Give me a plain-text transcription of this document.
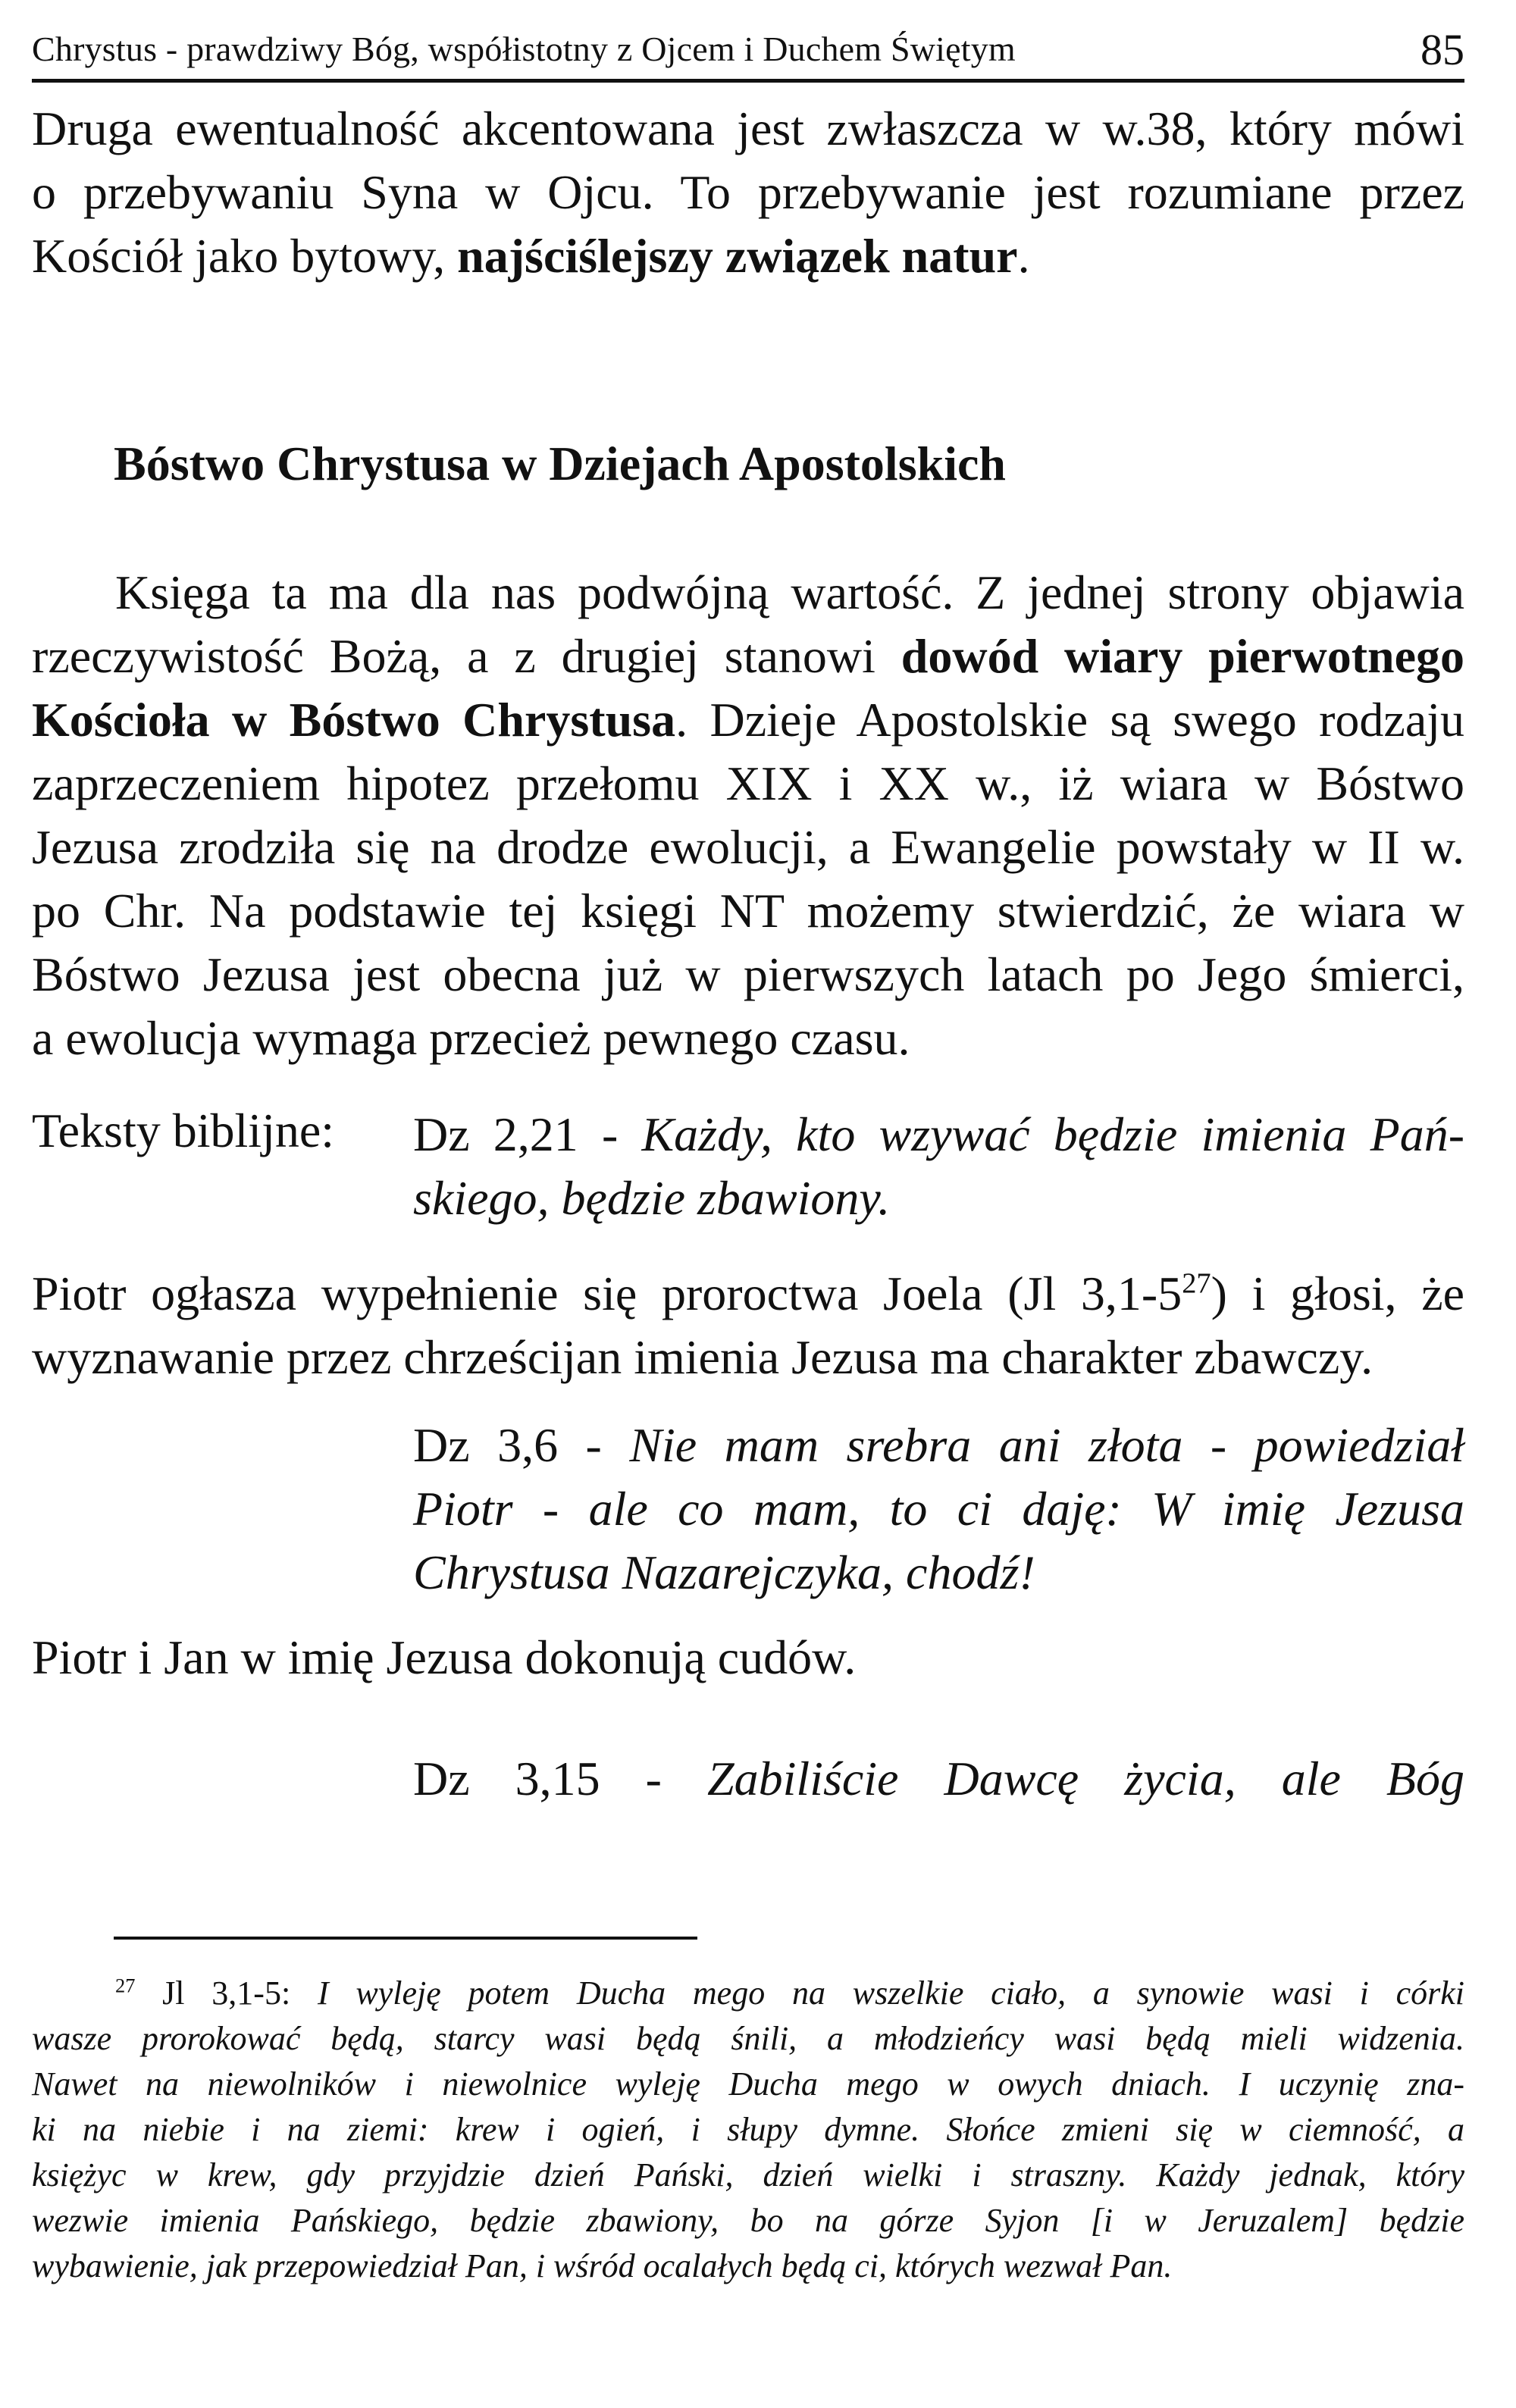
Chrystus - prawdziwy Bóg, współistotny z Ojcem i Duchem Świętym	85
Druga ewentualność akcentowana jest zwłaszcza w w.38, który mówi
o przebywaniu Syna w Ojcu. To przebywanie jest rozumiane przez
Kościół jako bytowy, najściślejszy związek natur.
Bóstwo Chrystusa w Dziejach Apostolskich
Księga ta ma dla nas podwójną wartość. Z jednej strony objawia
rzeczywistość Bożą, a z drugiej stanowi dowód wiary pierwotnego
Kościoła w Bóstwo Chrystusa. Dzieje Apostolskie są swego rodzaju
zaprzeczeniem hipotez przełomu XIX i XX w., iż wiara w Bóstwo
Jezusa zrodziła się na drodze ewolucji, a Ewangelie powstały w II w.
po Chr. Na podstawie tej księgi NT możemy stwierdzić, że wiara w
Bóstwo Jezusa jest obecna już w pierwszych latach po Jego śmierci,
a ewolucja wymaga przecież pewnego czasu.
Teksty biblijne: Dz 2,21 - Każdy, kto wzywać będzie imienia Pań-
skiego, będzie zbawiony.
Piotr ogłasza wypełnienie się proroctwa Joela (Jl $3,1-5^{27}$) i głosi, że
wyznawanie przez chrześcijan imienia Jezusa ma charakter zbawczy.
Dz 3,6 - Nie mam srebra ani złota - powiedział
Piotr - ale co mam, to ci daję: W imię Jezusa
Chrystusa Nazarejczyka, chodź!
Piotr i Jan w imię Jezusa dokonują cudów.
Dz 3,15 - Zabiliście Dawcę życia, ale Bóg
$^{27}$ Jl 3,1-5: I wyleję potem Ducha mego na wszelkie ciało, a synowie wasi i córki
wasze prorokować będą, starcy wasi będą śnili, a młodzieńcy wasi będą mieli widzenia.
Nawet na niewolników i niewolnice wyleję Ducha mego w owych dniach. I uczynię zna-
ki na niebie i na ziemi: krew i ogień, i słupy dymne. Słońce zmieni się w ciemność, a
księżyc w krew, gdy przyjdzie dzień Pański, dzień wielki i straszny. Każdy jednak, który
wezwie imienia Pańskiego, będzie zbawiony, bo na górze Syjon [i w Jeruzalem] będzie
wybawienie, jak przepowiedział Pan, i wśród ocalałych będą ci, których wezwał Pan.
